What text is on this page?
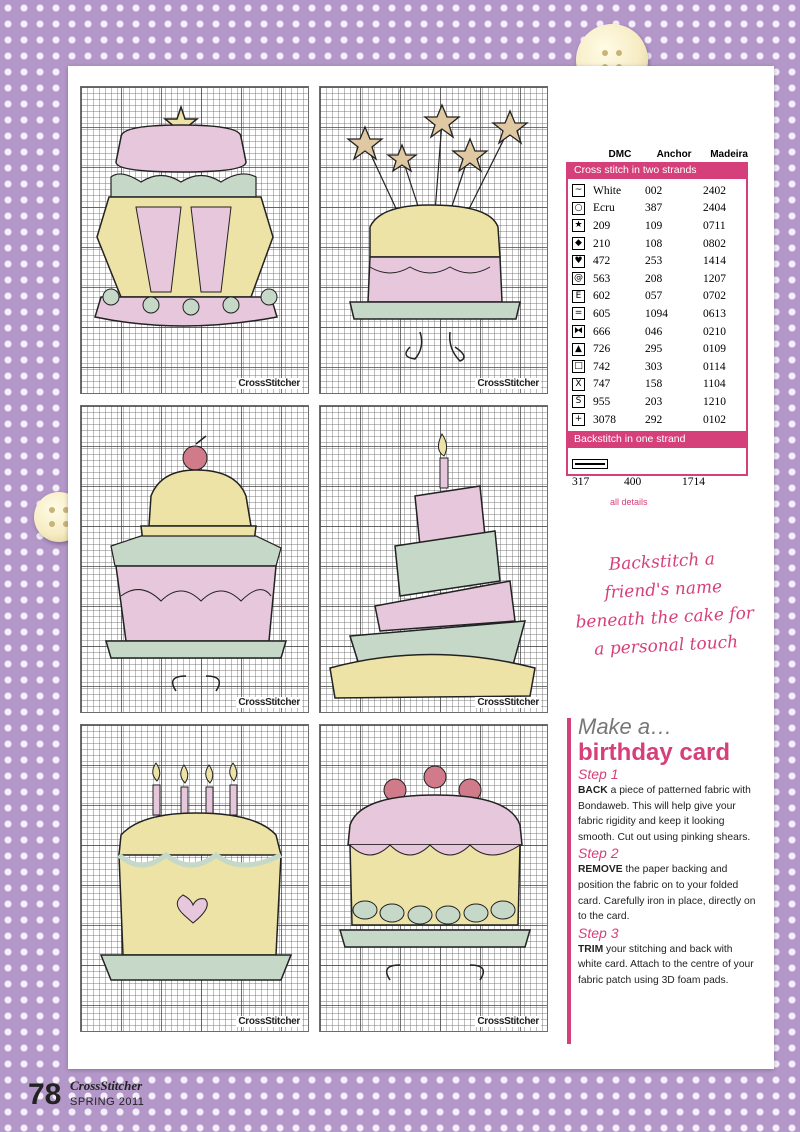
CrossStitcher	CrossStitcher
CrossStitcher	CrossStitcher
CrossStitcher	CrossStitcher
DMC	Anchor	Madeira
Cross stitch in two strands
~ White	002	2402
○ Ecru	387	2404
★ 209	109	0711
◆ 210	108	0802
♥ 472	253	1414
@ 563	208	1207
E	602	057	0702
= 605	1094	0613
⧓ 666	046	0210
▲ 726	295	0109
□ 742	303	0114
X 747	158	1104
S	955	203	1210
+ 3078	292	0102
Backstitch in one strand

317	400	1714
all details
Backstitch a
friend's name
beneath the cake for
a personal touch
Make a…
birthday card
Step 1

BACK a piece of patterned fabric with Bondaweb. This will help give your fabric rigidity and keep it looking smooth. Cut out using pinking shears.

Step 2

REMOVE the paper backing and position the fabric on to your folded card. Carefully iron in place, directly on to the card.

Step 3

TRIM your stitching and back with white card. Attach to the centre of your fabric patch using 3D foam pads.

78 CrossStitcher
SPRING 2011
